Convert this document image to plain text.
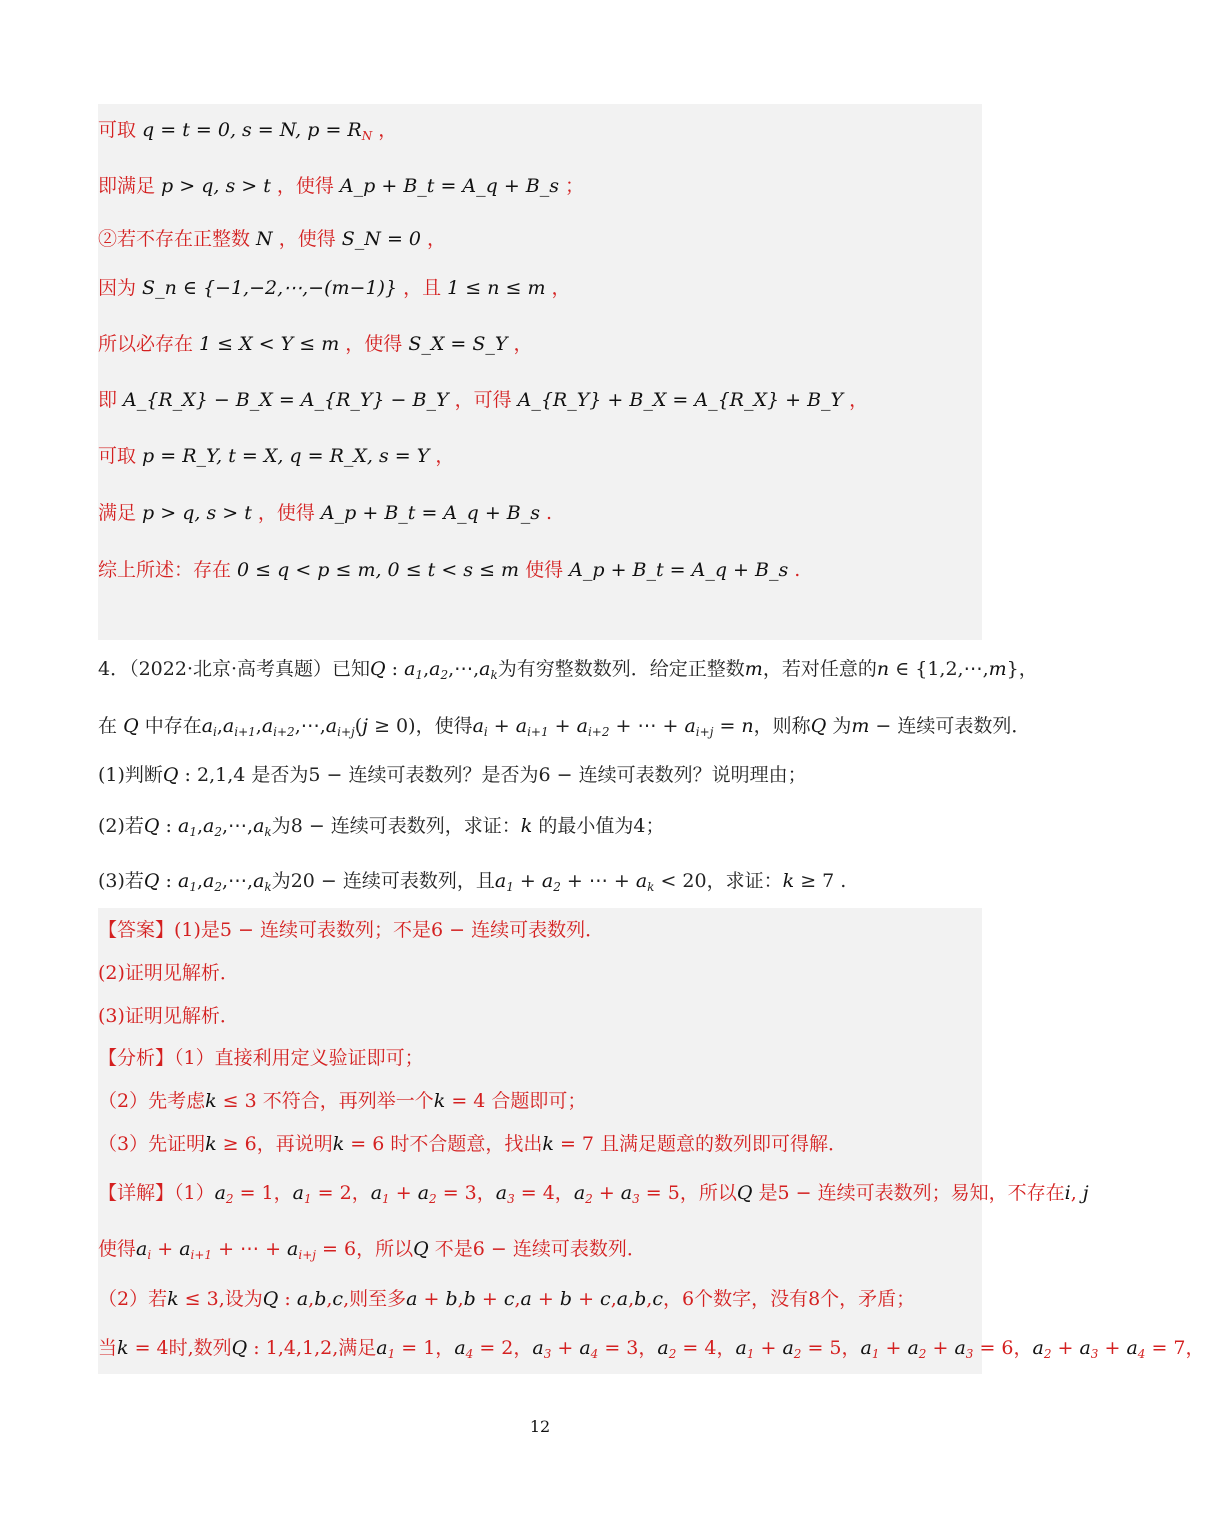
可取 q = t = 0, s = N, $p = R_N$ ，
即满足 p > q, s > t ，使得 A_p + B_t = A_q + B_s ；
②若不存在正整数 N ，使得 S_N = 0 ，
因为 S_n ∈ {−1,−2,⋯,−(m−1)} ，且 1 ≤ n ≤ m ，
所以必存在 1 ≤ X < Y ≤ m ，使得 S_X = S_Y ，
即 A_{R_X} − B_X = A_{R_Y} − B_Y ，可得 A_{R_Y} + B_X = A_{R_X} + B_Y ，
可取 p = R_Y, t = X, q = R_X, s = Y ，
满足 p > q, s > t ，使得 A_p + B_t = A_q + B_s .
综上所述：存在 0 ≤ q < p ≤ m, 0 ≤ t < s ≤ m 使得 A_p + B_t = A_q + B_s .
4．（2022·北京·高考真题）已知Q : $a_1,a_2,\cdots,a_k$为有穷整数数列．给定正整数m，若对任意的n ∈ {1,2,⋯,m}，
在 Q 中存在$a_i,a_{i+1},a_{i+2},\cdots,a_{i+j}(j \ge 0)$，使得$a_i + a_{i+1} + a_{i+2}$ + ⋯ + $a_{i+j} = n$，则称Q 为m − 连续可表数列．
(1)判断Q : 2,1,4 是否为5 − 连续可表数列？是否为6 − 连续可表数列？说明理由；
(2)若Q : $a_1,a_2,\cdots,a_k$为8 − 连续可表数列，求证：k 的最小值为4；
(3)若Q : $a_1,a_2,\cdots,a_k$为20 − 连续可表数列，且$a_1 + a_2$ + ⋯ + $a_k < 20$，求证：k ≥ 7 .
【答案】(1)是5 − 连续可表数列；不是6 − 连续可表数列．
(2)证明见解析．
(3)证明见解析．
【分析】（1）直接利用定义验证即可；
（2）先考虑k ≤ 3 不符合，再列举一个k = 4 合题即可；
（3）先证明k ≥ 6，再说明k = 6 时不合题意，找出k = 7 且满足题意的数列即可得解．
【详解】$(1)a_2 = 1$，$a_1 = 2$，$a_1 + a_2 = 3$，$a_3 = 4$，$a_2 + a_3 = 5$，所以Q 是5 − 连续可表数列；易知，不存在i, j
使得$a_i + a_{i+1}$ + ⋯ + $a_{i+j} = 6$，所以Q 不是6 − 连续可表数列．
（2）若k ≤ 3,设为Q : a,b,c,则至多a + b,b + c,a + b + c,a,b,c，6个数字，没有8个，矛盾；
当k = 4时,数列Q : 1,4,1,2,满足$a_1 = 1$，$a_4 = 2$，$a_3 + a_4 = 3$，$a_2 = 4$，$a_1 + a_2 = 5$，$a_1 + a_2 + a_3 = 6$，$a_2 + a_3 + a_4 = 7$，
12
